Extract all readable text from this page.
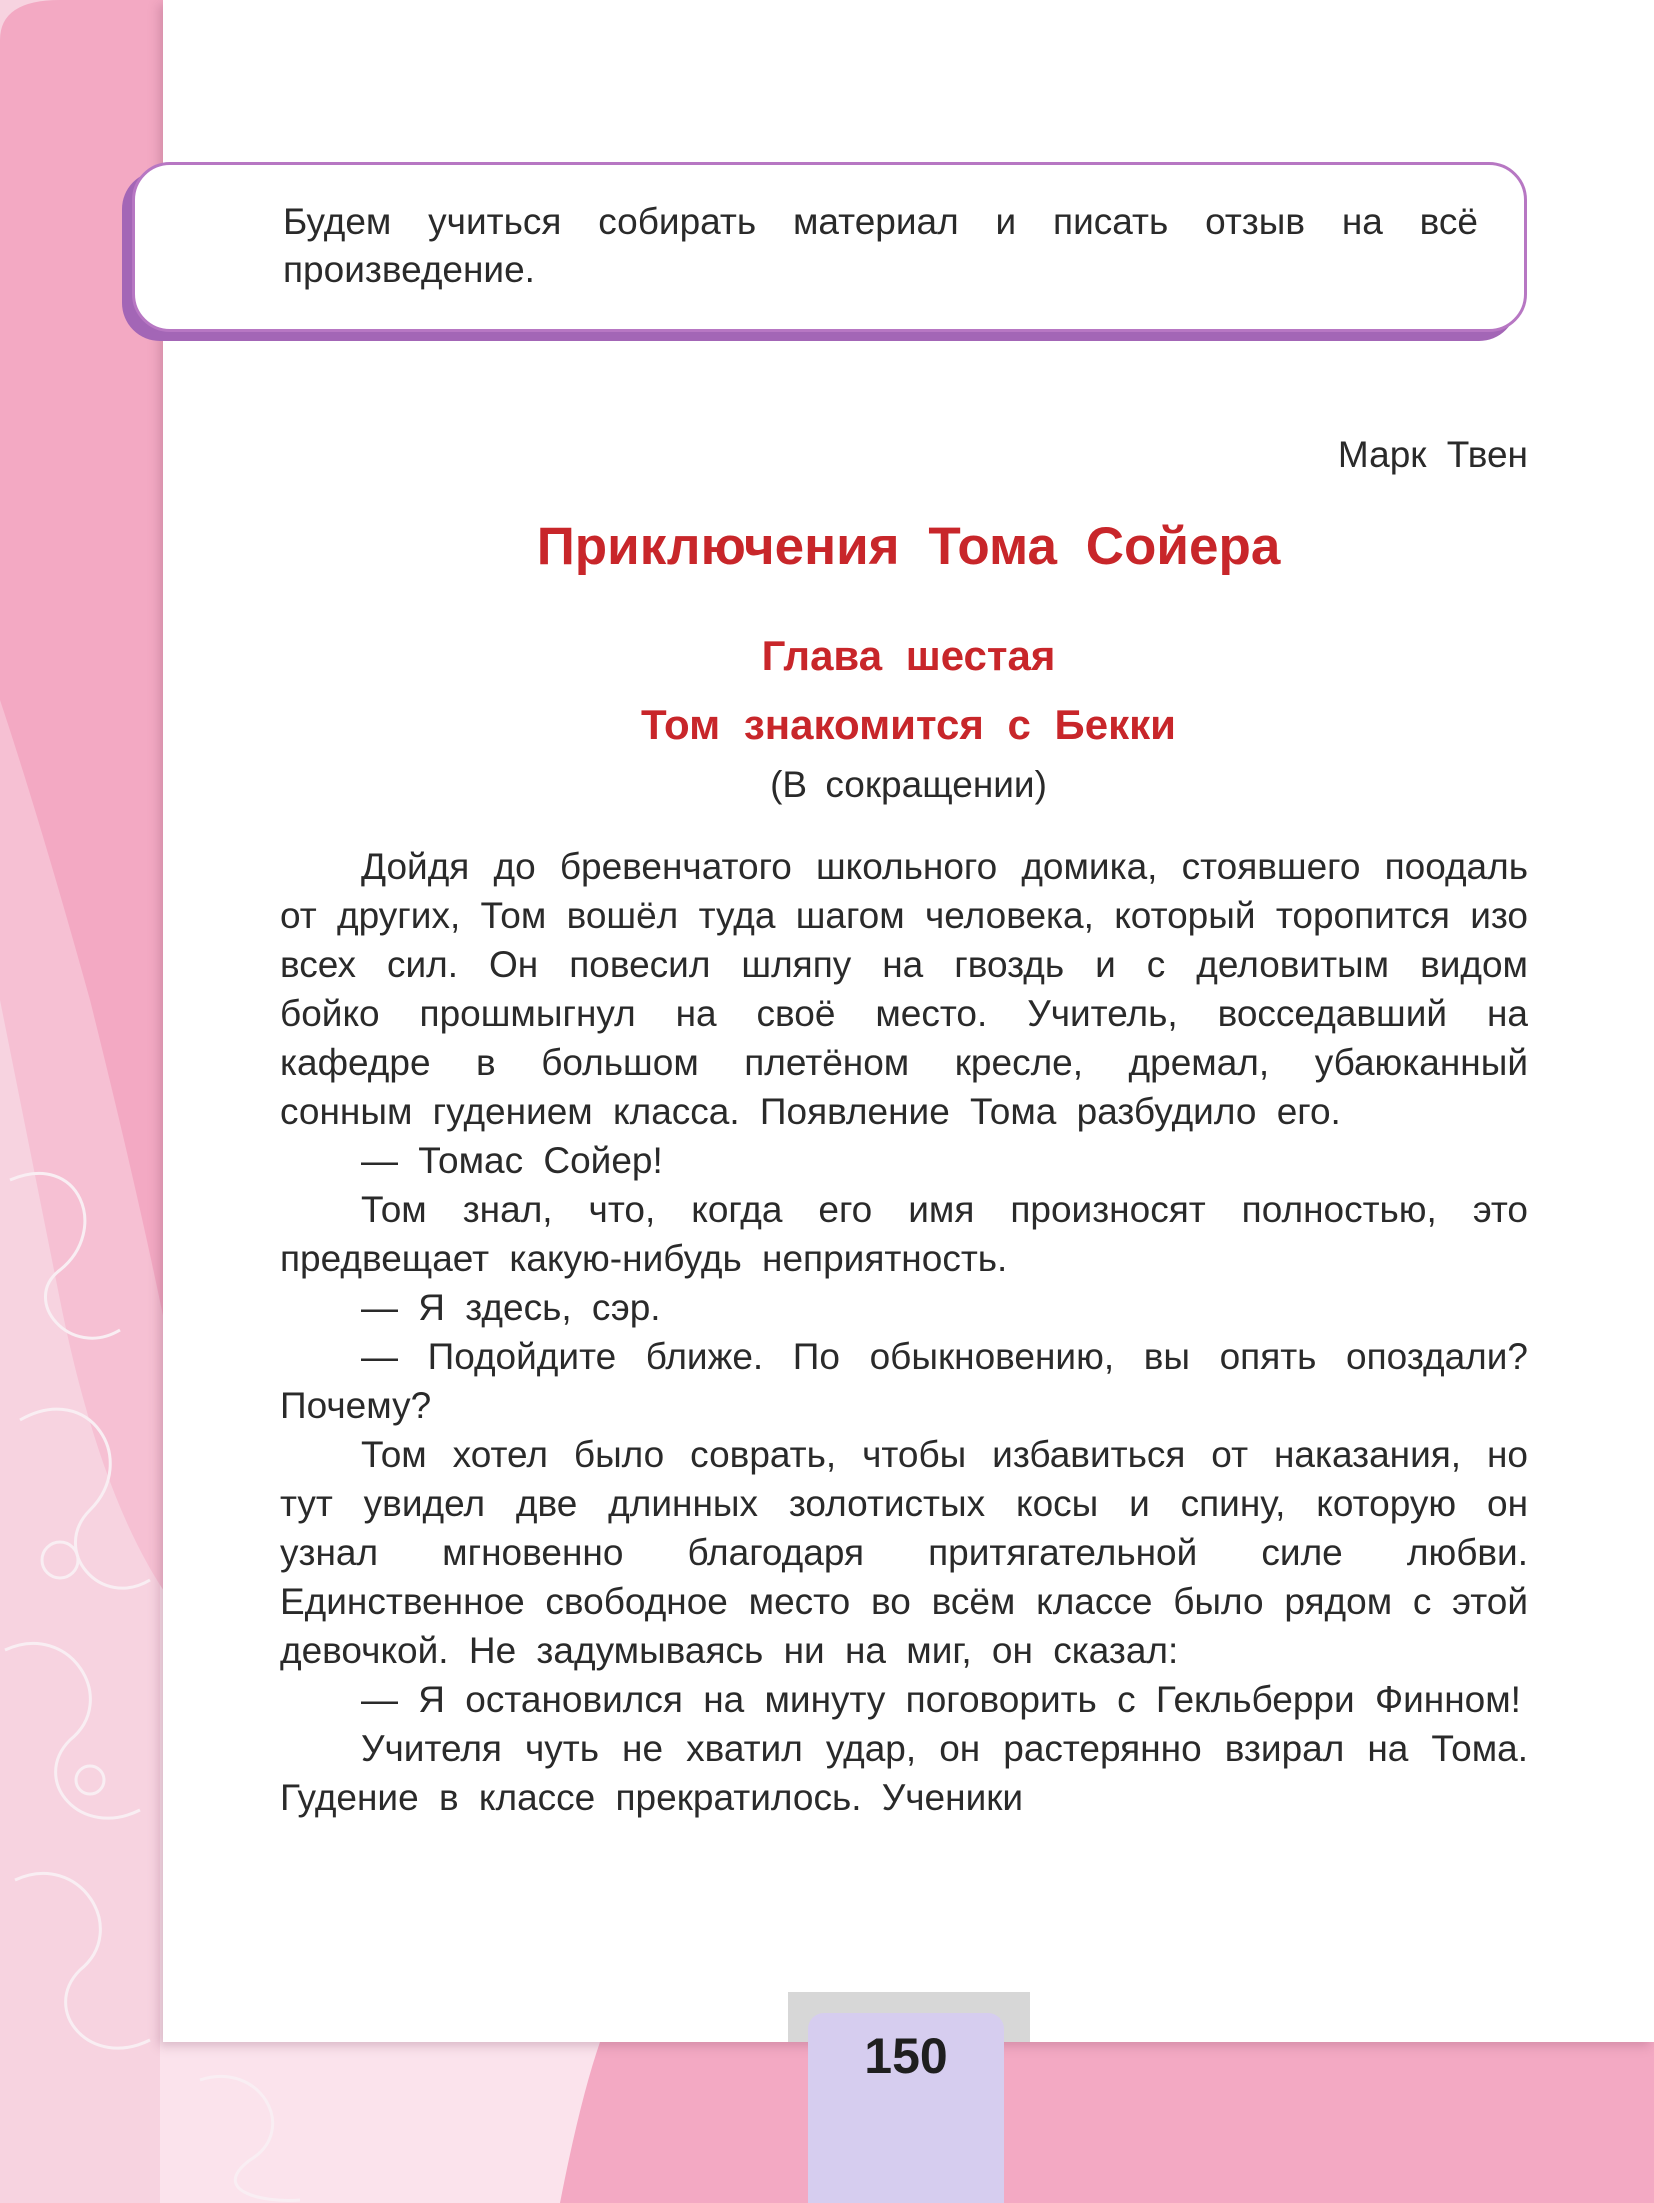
Будем учиться собирать материал и писать отзыв на всё произведение.
Марк Твен
Приключения Тома Сойера
Глава шестая
Том знакомится с Бекки
(В сокращении)

Дойдя до бревенчатого школьного домика, стоявшего поодаль от других, Том вошёл туда шагом человека, который торопится изо всех сил. Он повесил шляпу на гвоздь и с деловитым видом бойко прошмыгнул на своё место. Учитель, восседавший на кафедре в большом плетёном кресле, дремал, убаюканный сонным гудением класса. Появление Тома разбудило его.

— Томас Сойер!

Том знал, что, когда его имя произносят полностью, это предвещает какую-нибудь неприятность.

— Я здесь, сэр.

— Подойдите ближе. По обыкновению, вы опять опоздали? Почему?

Том хотел было соврать, чтобы избавиться от наказания, но тут увидел две длинных золотистых косы и спину, которую он узнал мгновенно благодаря притягательной силе любви. Единственное свободное место во всём классе было рядом с этой девочкой. Не задумываясь ни на миг, он сказал:

— Я остановился на минуту поговорить с Гекльберри Финном!

Учителя чуть не хватил удар, он растерянно взирал на Тома. Гудение в классе прекратилось. Ученики

150
